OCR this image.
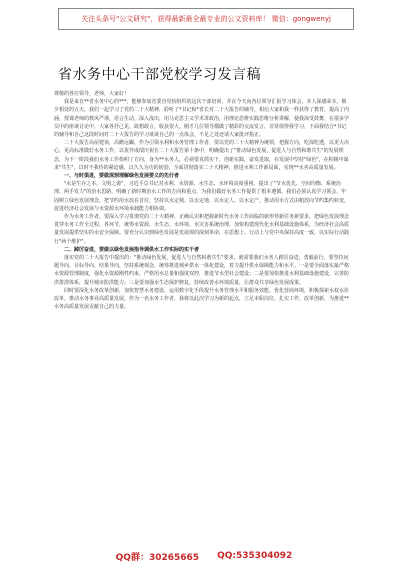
关注头条号"公文研究"，获得最新最全最专业的公文资料库！ 微信：gongwenyj
省水务中心干部党校学习发言稿

尊敬的各位领导，老师，大家好！

我是来自**省水务中心的***，能够参加省委直党校组织的这次干部培训，并在今天向各位领导汇报学习体会，本人深感荣幸。朝夕相处的五天，我们一起学习了党的二十大精神，聆听了*书记和*省长对二十大报告的辅导，相信大家和我一样获得了教育，提高了内涵，授课老师的教风严谨，语言生动，深入浅出，用马克思主义学术讲政治，用理论思维实践思维分析讲解，使我深受鼓舞，在很多学员中的座谈讨论中，大家各抒己见，敢想敢言，收获很大。刚才几位领导都做了精彩的交流发言，非常值得我学习，下面我结合*书记的辅导和自己这段时间对二十大报告的学习谈谈自己的一点体会，不足之处还请大家批评指正。

二十大报告高屋建瓴，高瞻远瞩，作为引领水利和水务管理工作者，要以党的二十大精神为统领，把握方向，吃深吃透，以更大决心，更高标准做好水务工作，以优异成绩庆祝在二十大报告第十条中，明确提出了"推动绿色发展，促进人与自然和谐共生"的发展理念，为下一阶段我们水务工作指明了方向，身为**水务人，必须要真抓实干，创新实践，奋发进取，在发展中坚持"绿色"，在积极中谋求"共生"，以时不我待的紧迫感，以久久为功的韧劲，全面贯彻落实二十大精神，推进水利工作新局面，实现**水务高质量发展。

一、与时俱进，要做深刻理解绿色发展要义的先行者

"水是生存之本，文明之源"，习近平总书记对水利、水资源、水生态、水环境高度重视，提出了"节水优先、空间均衡、系统治理、两手发力"的治水思路，明确了新时期治水工作的方向和重点，为我们做好水务工作提供了根本遵循。我们必须认真学习领会，牢固树立绿色发展理念，把节约用水放在首位，坚持以水定城、以水定地、以水定人、以水定产，推动用水方式由粗放向节约集约转变，促进经济社会发展与水资源水环境承载能力相协调。

作为水务工作者，要深入学习贯彻党的二十大精神，正确认识和把握新时代水务工作面临的新形势新任务新要求，把绿色发展理念贯穿水务工作全过程、各环节，统筹水资源、水生态、水环境、水灾害系统治理，加快构建现代化水利基础设施体系，为经济社会高质量发展提供坚实的水安全保障。要充分认识到绿色发展是发展观的深刻革命，在思想上、行动上与党中央保持高度一致，以实际行动践行"两个维护"。

二、踔厉奋进，要做以绿色发展指导调供水工作实际的实干者

落实党的二十大报告中提出的："推动绿色发展，促进人与自然和谐共生"要求，就需要我们水务人踔厉奋进，勇毅前行，要坚持问题导向、目标导向、结果导向，坚持系统观念，统筹推进城乡供水一体化建设，着力提升供水保障能力和水平。一是要全面落实最严格水资源管理制度，强化水资源刚性约束，严格用水总量和强度双控，推进节水型社会建设；二是要加快推进水利基础设施建设，完善防洪排涝体系，提升城市防洪能力；三是要加强水生态保护修复，持续改善水环境质量，让群众共享绿色发展成果。

同时要深化水务改革创新，加快智慧水务建设，运用数字化手段提升水务管理水平和服务效能，优化营商环境，积极探索水权水价改革，推动水务事业高质量发展。作为一名水务工作者，我将以此次学习为新的起点，立足本职岗位，扎实工作，改革创新，为推进**水务高质量发展贡献自己的力量。

QQ群：30265665 QQ:535304092
